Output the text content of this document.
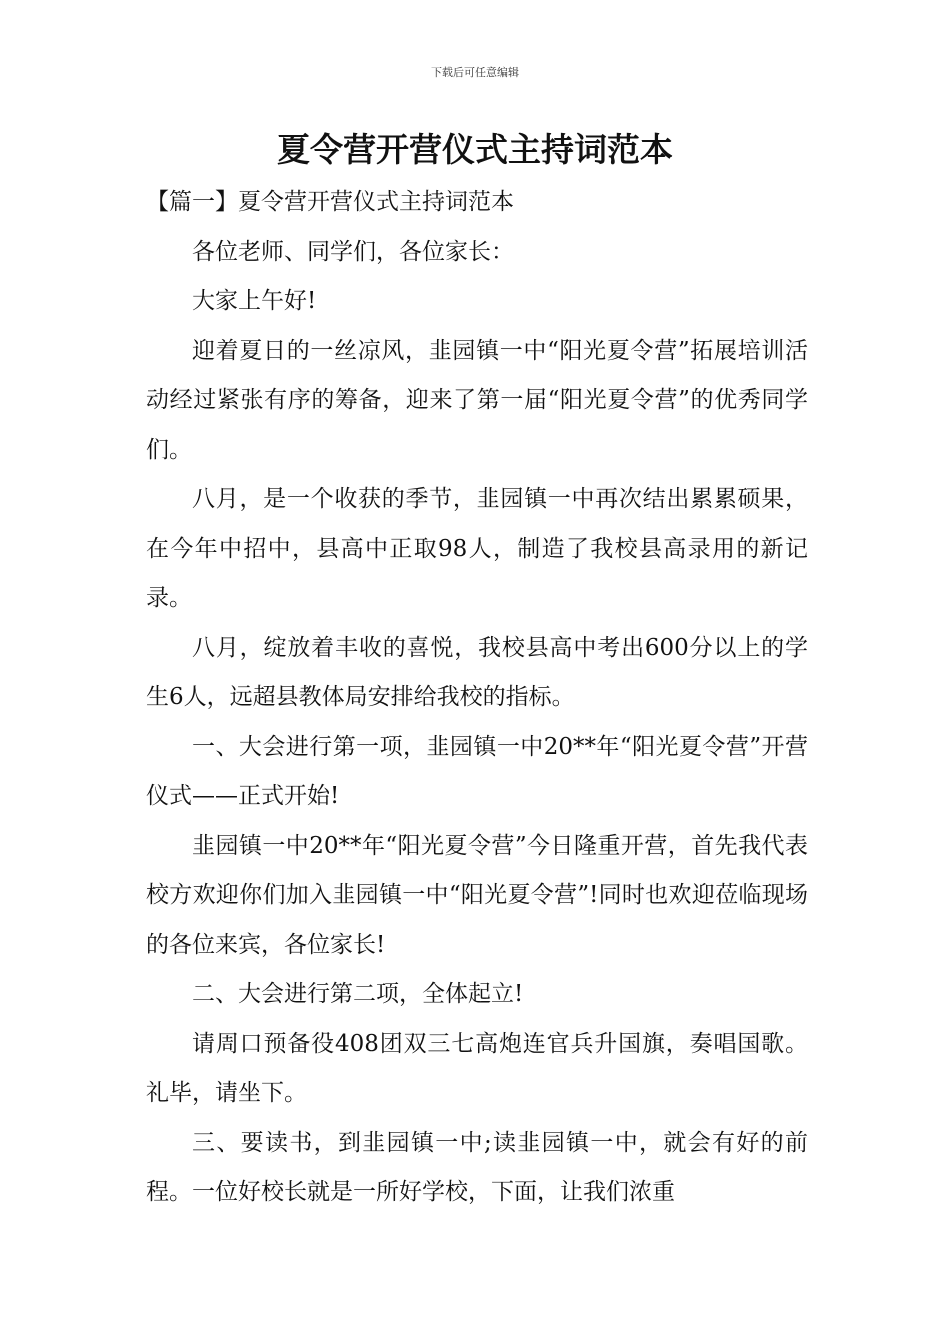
下载后可任意编辑
夏令营开营仪式主持词范本

【篇一】夏令营开营仪式主持词范本

各位老师、同学们，各位家长：

大家上午好!

迎着夏日的一丝凉风，韭园镇一中“阳光夏令营”拓展培训活动经过紧张有序的筹备，迎来了第一届“阳光夏令营”的优秀同学们。

八月，是一个收获的季节，韭园镇一中再次结出累累硕果，在今年中招中，县高中正取98人，制造了我校县高录用的新记录。

八月，绽放着丰收的喜悦，我校县高中考出600分以上的学生6人，远超县教体局安排给我校的指标。

一、大会进行第一项，韭园镇一中20**年“阳光夏令营”开营仪式——正式开始!

韭园镇一中20**年“阳光夏令营”今日隆重开营，首先我代表校方欢迎你们加入韭园镇一中“阳光夏令营”!同时也欢迎莅临现场的各位来宾，各位家长!

二、大会进行第二项，全体起立!

请周口预备役408团双三七高炮连官兵升国旗，奏唱国歌。礼毕，请坐下。

三、要读书，到韭园镇一中;读韭园镇一中，就会有好的前程。一位好校长就是一所好学校，下面，让我们浓重
